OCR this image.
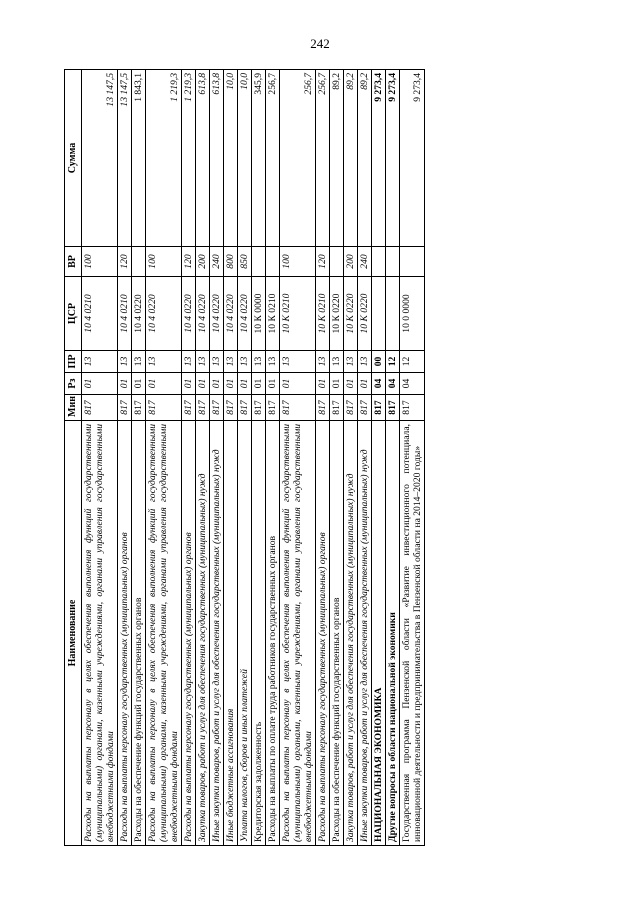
242
Наименование	Мин	Рз	ПР	ЦСР	ВР	Сумма
Расходы на выплаты персоналу в целях обеспечения выполнения функций государственными (муниципальными) органами, казенными учреждениями, органами управления государственными внебюджетными фондами	817	01	13	10 4 0210	100	13 147,5
Расходы на выплаты персоналу государственных (муниципальных) органов	817	01	13	10 4 0210	120	13 147,5
Расходы на обеспечение функций государственных органов	817	01	13	10 4 0220		1 843,1
Расходы на выплаты персоналу в целях обеспечения выполнения функций государственными (муниципальными) органами, казенными учреждениями, органами управления государственными внебюджетными фондами	817	01	13	10 4 0220	100	1 219,3
Расходы на выплаты персоналу государственных (муниципальных) органов	817	01	13	10 4 0220	120	1 219,3
Закупка товаров, работ и услуг для обеспечения государственных (муниципальных) нужд	817	01	13	10 4 0220	200	613,8
Иные закупки товаров, работ и услуг для обеспечения государственных (муниципальных) нужд	817	01	13	10 4 0220	240	613,8
Иные бюджетные ассигнования	817	01	13	10 4 0220	800	10,0
Уплата налогов, сборов и иных платежей	817	01	13	10 4 0220	850	10,0
Кредиторская задолженность	817	01	13	10 К 0000		345,9
Расходы на выплаты по оплате труда работников государственных органов	817	01	13	10 К 0210		256,7
Расходы на выплаты персоналу в целях обеспечения выполнения функций государственными (муниципальными) органами, казенными учреждениями, органами управления государственными внебюджетными фондами	817	01	13	10 К 0210	100	256,7
Расходы на выплаты персоналу государственных (муниципальных) органов	817	01	13	10 К 0210	120	256,7
Расходы на обеспечение функций государственных органов	817	01	13	10 К 0220		89,2
Закупка товаров, работ и услуг для обеспечения государственных (муниципальных) нужд	817	01	13	10 К 0220	200	89,2
Иные закупки товаров, работ и услуг для обеспечения государственных (муниципальных) нужд	817	01	13	10 К 0220	240	89,2
НАЦИОНАЛЬНАЯ ЭКОНОМИКА	817	04	00			9 273,4
Другие вопросы в области национальной экономики	817	04	12			9 273,4
Государственная программа Пензенской области «Развитие инвестиционного потенциала, инновационной деятельности и предпринимательства в Пензенской области на 2014–2020 годы»	817	04	12	10 0 0000		9 273,4
